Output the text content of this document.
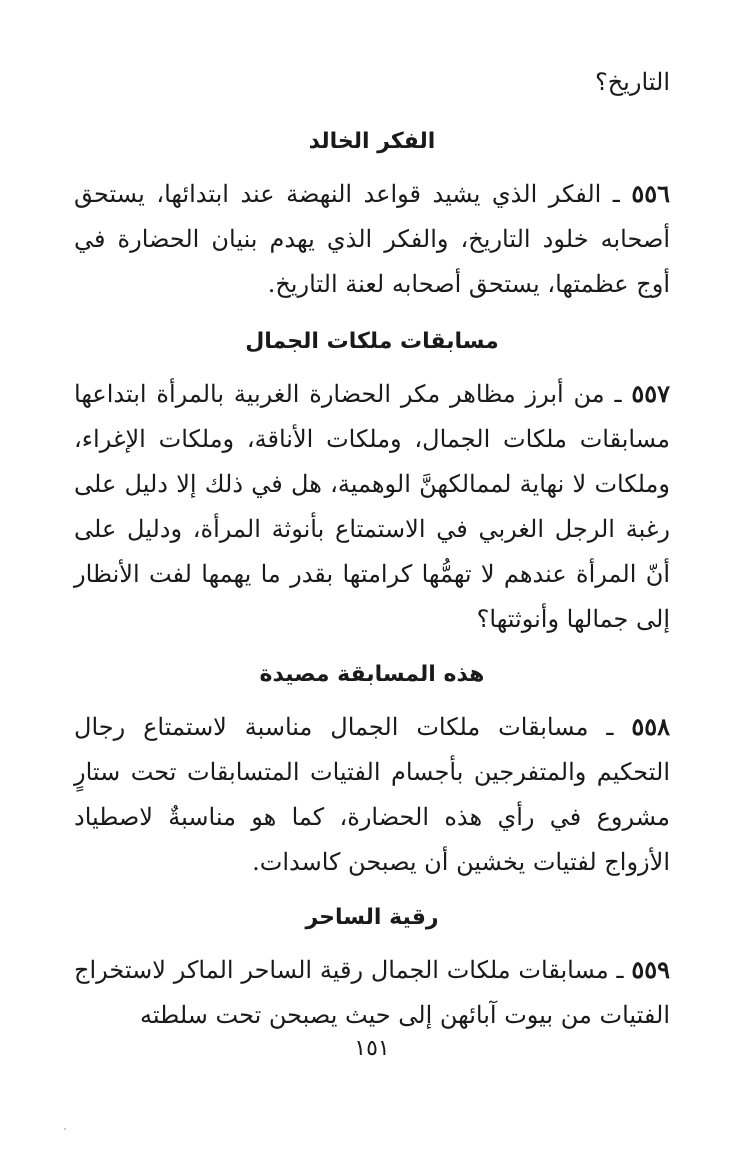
التاريخ؟

الفكر الخالد

٥٥٦ ـ الفكر الذي يشيد قواعد النهضة عند ابتدائها، يستحق أصحابه خلود التاريخ، والفكر الذي يهدم بنيان الحضارة في أوج عظمتها، يستحق أصحابه لعنة التاريخ.

مسابقات ملكات الجمال

٥٥٧ ـ من أبرز مظاهر مكر الحضارة الغربية بالمرأة ابتداعها مسابقات ملكات الجمال، وملكات الأناقة، وملكات الإغراء، وملكات لا نهاية لممالكهنَّ الوهمية، هل في ذلك إلا دليل على رغبة الرجل الغربي في الاستمتاع بأنوثة المرأة، ودليل على أنّ المرأة عندهم لا تهمُّها كرامتها بقدر ما يهمها لفت الأنظار إلى جمالها وأنوثتها؟

هذه المسابقة مصيدة

٥٥٨ ـ مسابقات ملكات الجمال مناسبة لاستمتاع رجال التحكيم والمتفرجين بأجسام الفتيات المتسابقات تحت ستارٍ مشروع في رأي هذه الحضارة، كما هو مناسبةٌ لاصطياد الأزواج لفتيات يخشين أن يصبحن كاسدات.

رقية الساحر

٥٥٩ ـ مسابقات ملكات الجمال رقية الساحر الماكر لاستخراج الفتيات من بيوت آبائهن إلى حيث يصبحن تحت سلطته

١٥١
